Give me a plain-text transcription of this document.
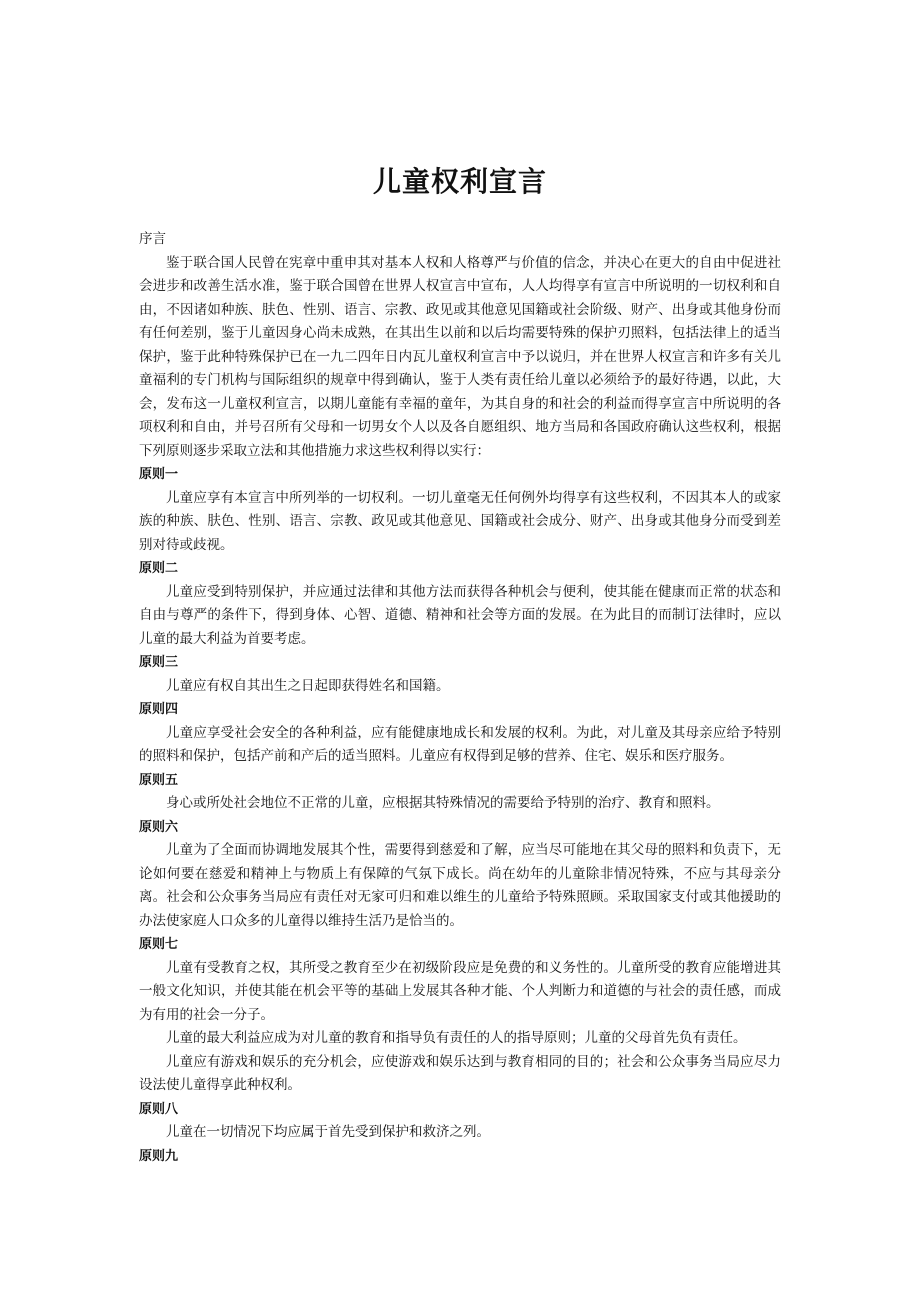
儿童权利宣言

序言

鉴于联合国人民曾在宪章中重申其对基本人权和人格尊严与价值的信念，并决心在更大的自由中促进社会进步和改善生活水准，鉴于联合国曾在世界人权宣言中宣布，人人均得享有宣言中所说明的一切权利和自由，不因诸如种族、肤色、性别、语言、宗教、政见或其他意见国籍或社会阶级、财产、出身或其他身份而有任何差别，鉴于儿童因身心尚未成熟，在其出生以前和以后均需要特殊的保护刃照料，包括法律上的适当保护，鉴于此种特殊保护已在一九二四年日内瓦儿童权利宣言中予以说归，并在世界人权宣言和许多有关儿童福利的专门机构与国际组织的规章中得到确认，鉴于人类有责任给儿童以必须给予的最好待遇，以此，大会，发布这一儿童权利宣言，以期儿童能有幸福的童年，为其自身的和社会的利益而得享宣言中所说明的各项权利和自由，并号召所有父母和一切男女个人以及各自愿组织、地方当局和各国政府确认这些权利，根据下列原则逐步采取立法和其他措施力求这些权利得以实行：

原则一

儿童应享有本宣言中所列举的一切权利。一切儿童毫无任何例外均得享有这些权利，不因其本人的或家族的种族、肤色、性别、语言、宗教、政见或其他意见、国籍或社会成分、财产、出身或其他身分而受到差别对待或歧视。

原则二

儿童应受到特别保护，并应通过法律和其他方法而获得各种机会与便利，使其能在健康而正常的状态和自由与尊严的条件下，得到身体、心智、道德、精神和社会等方面的发展。在为此目的而制订法律时，应以儿童的最大利益为首要考虑。

原则三

儿童应有权自其出生之日起即获得姓名和国籍。

原则四

儿童应享受社会安全的各种利益，应有能健康地成长和发展的权利。为此，对儿童及其母亲应给予特别的照料和保护，包括产前和产后的适当照料。儿童应有权得到足够的营养、住宅、娱乐和医疗服务。

原则五

身心或所处社会地位不正常的儿童，应根据其特殊情况的需要给予特别的治疗、教育和照料。

原则六

儿童为了全面而协调地发展其个性，需要得到慈爱和了解，应当尽可能地在其父母的照料和负责下，无论如何要在慈爱和精神上与物质上有保障的气氛下成长。尚在幼年的儿童除非情况特殊，不应与其母亲分离。社会和公众事务当局应有责任对无家可归和难以维生的儿童给予特殊照顾。采取国家支付或其他援助的办法使家庭人口众多的儿童得以维持生活乃是恰当的。

原则七

儿童有受教育之权，其所受之教育至少在初级阶段应是免费的和义务性的。儿童所受的教育应能增进其一般文化知识，并使其能在机会平等的基础上发展其各种才能、个人判断力和道德的与社会的责任感，而成为有用的社会一分子。

儿童的最大利益应成为对儿童的教育和指导负有责任的人的指导原则；儿童的父母首先负有责任。

儿童应有游戏和娱乐的充分机会，应使游戏和娱乐达到与教育相同的目的；社会和公众事务当局应尽力设法使儿童得享此种权利。

原则八

儿童在一切情况下均应属于首先受到保护和救济之列。

原则九
